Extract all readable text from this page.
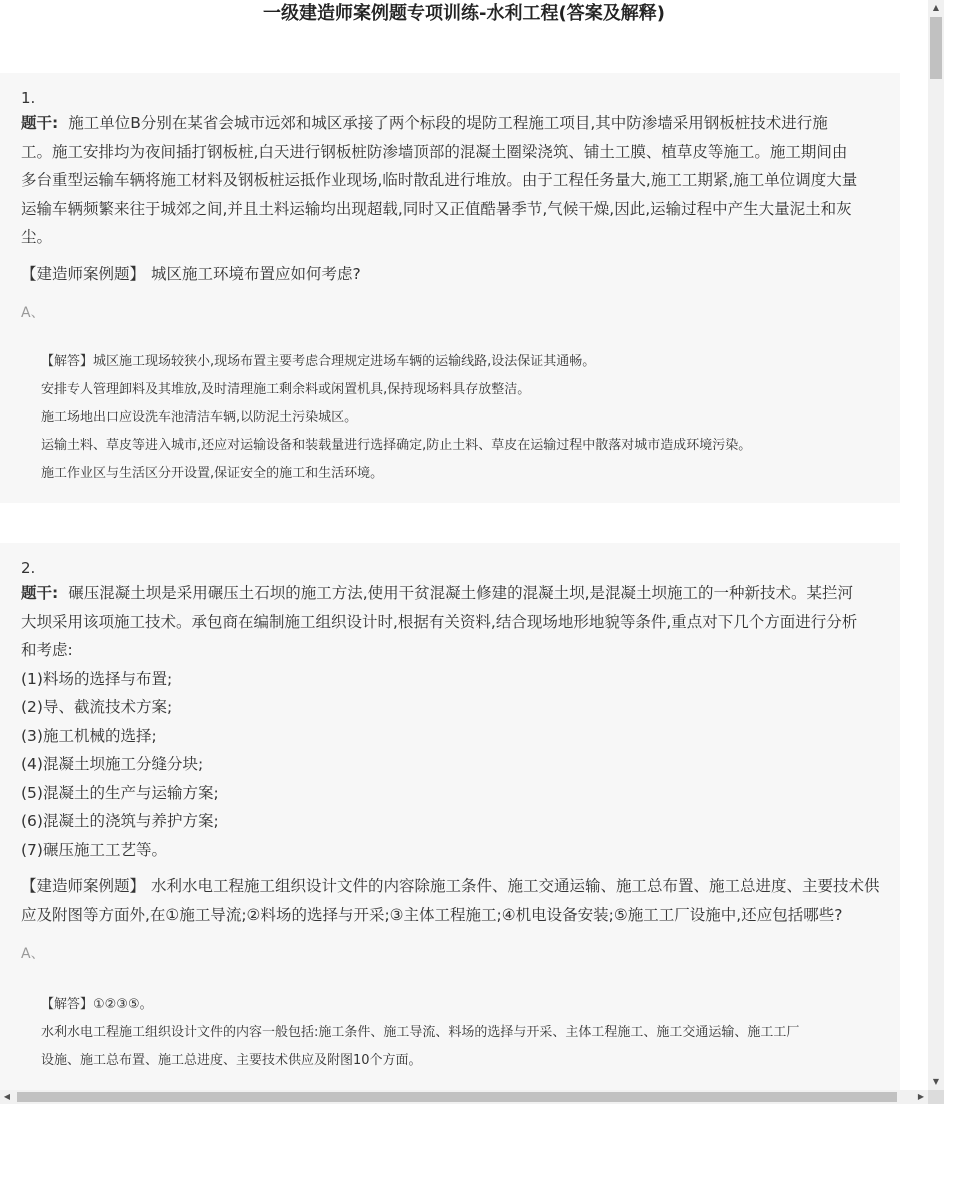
一级建造师案例题专项训练-水利工程(答案及解释)
1.
题干: 施工单位B分别在某省会城市远郊和城区承接了两个标段的堤防工程施工项目,其中防渗墙采用钢板桩技术进行施
工。施工安排均为夜间插打钢板桩,白天进行钢板桩防渗墙顶部的混凝土圈梁浇筑、铺土工膜、植草皮等施工。施工期间由
多台重型运输车辆将施工材料及钢板桩运抵作业现场,临时散乱进行堆放。由于工程任务量大,施工工期紧,施工单位调度大量
运输车辆频繁来往于城郊之间,并且土料运输均出现超载,同时又正值酷暑季节,气候干燥,因此,运输过程中产生大量泥土和灰
尘。
【建造师案例题】 城区施工环境布置应如何考虑?
A、
【解答】城区施工现场较狭小,现场布置主要考虑合理规定进场车辆的运输线路,设法保证其通畅。
安排专人管理卸料及其堆放,及时清理施工剩余料或闲置机具,保持现场料具存放整洁。
施工场地出口应设洗车池清洁车辆,以防泥土污染城区。
运输土料、草皮等进入城市,还应对运输设备和装载量进行选择确定,防止土料、草皮在运输过程中散落对城市造成环境污染。
施工作业区与生活区分开设置,保证安全的施工和生活环境。
2.
题干: 碾压混凝土坝是采用碾压土石坝的施工方法,使用干贫混凝土修建的混凝土坝,是混凝土坝施工的一种新技术。某拦河
大坝采用该项施工技术。承包商在编制施工组织设计时,根据有关资料,结合现场地形地貌等条件,重点对下几个方面进行分析
和考虑:
(1)料场的选择与布置;
(2)导、截流技术方案;
(3)施工机械的选择;
(4)混凝土坝施工分缝分块;
(5)混凝土的生产与运输方案;
(6)混凝土的浇筑与养护方案;
(7)碾压施工工艺等。
【建造师案例题】 水利水电工程施工组织设计文件的内容除施工条件、施工交通运输、施工总布置、施工总进度、主要技术供应及附图等方面外,在①施工导流;②料场的选择与开采;③主体工程施工;④机电设备安装;⑤施工工厂设施中,还应包括哪些?
A、
【解答】①②③⑤。
水利水电工程施工组织设计文件的内容一般包括:施工条件、施工导流、料场的选择与开采、主体工程施工、施工交通运输、施工工厂
设施、施工总布置、施工总进度、主要技术供应及附图10个方面。
▲
▼
◀	▶
